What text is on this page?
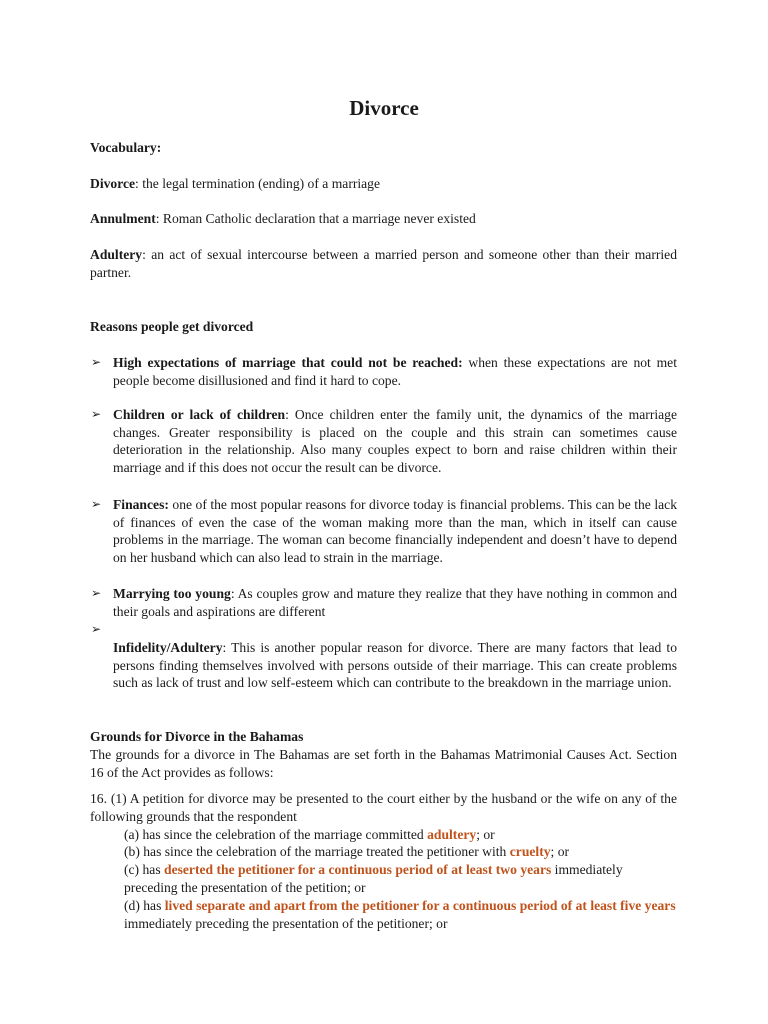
Divorce
Vocabulary:
Divorce: the legal termination (ending) of a marriage
Annulment: Roman Catholic declaration that a marriage never existed
Adultery: an act of sexual intercourse between a married person and someone other than their married partner.
Reasons people get divorced
➢ High expectations of marriage that could not be reached: when these expectations are not met people become disillusioned and find it hard to cope.
➢ Children or lack of children: Once children enter the family unit, the dynamics of the marriage changes. Greater responsibility is placed on the couple and this strain can sometimes cause deterioration in the relationship. Also many couples expect to born and raise children within their marriage and if this does not occur the result can be divorce.
➢ Finances: one of the most popular reasons for divorce today is financial problems. This can be the lack of finances of even the case of the woman making more than the man, which in itself can cause problems in the marriage. The woman can become financially independent and doesn’t have to depend on her husband which can also lead to strain in the marriage.
➢ Marrying too young: As couples grow and mature they realize that they have nothing in common and their goals and aspirations are different
➢
Infidelity/Adultery: This is another popular reason for divorce. There are many factors that lead to persons finding themselves involved with persons outside of their marriage. This can create problems such as lack of trust and low self-esteem which can contribute to the breakdown in the marriage union.
Grounds for Divorce in the Bahamas
The grounds for a divorce in The Bahamas are set forth in the Bahamas Matrimonial Causes Act. Section 16 of the Act provides as follows:
16. (1) A petition for divorce may be presented to the court either by the husband or the wife on any of the following grounds that the respondent
(a) has since the celebration of the marriage committed adultery; or
(b) has since the celebration of the marriage treated the petitioner with cruelty; or
(c) has deserted the petitioner for a continuous period of at least two years immediately preceding the presentation of the petition; or
(d) has lived separate and apart from the petitioner for a continuous period of at least five years immediately preceding the presentation of the petitioner; or
